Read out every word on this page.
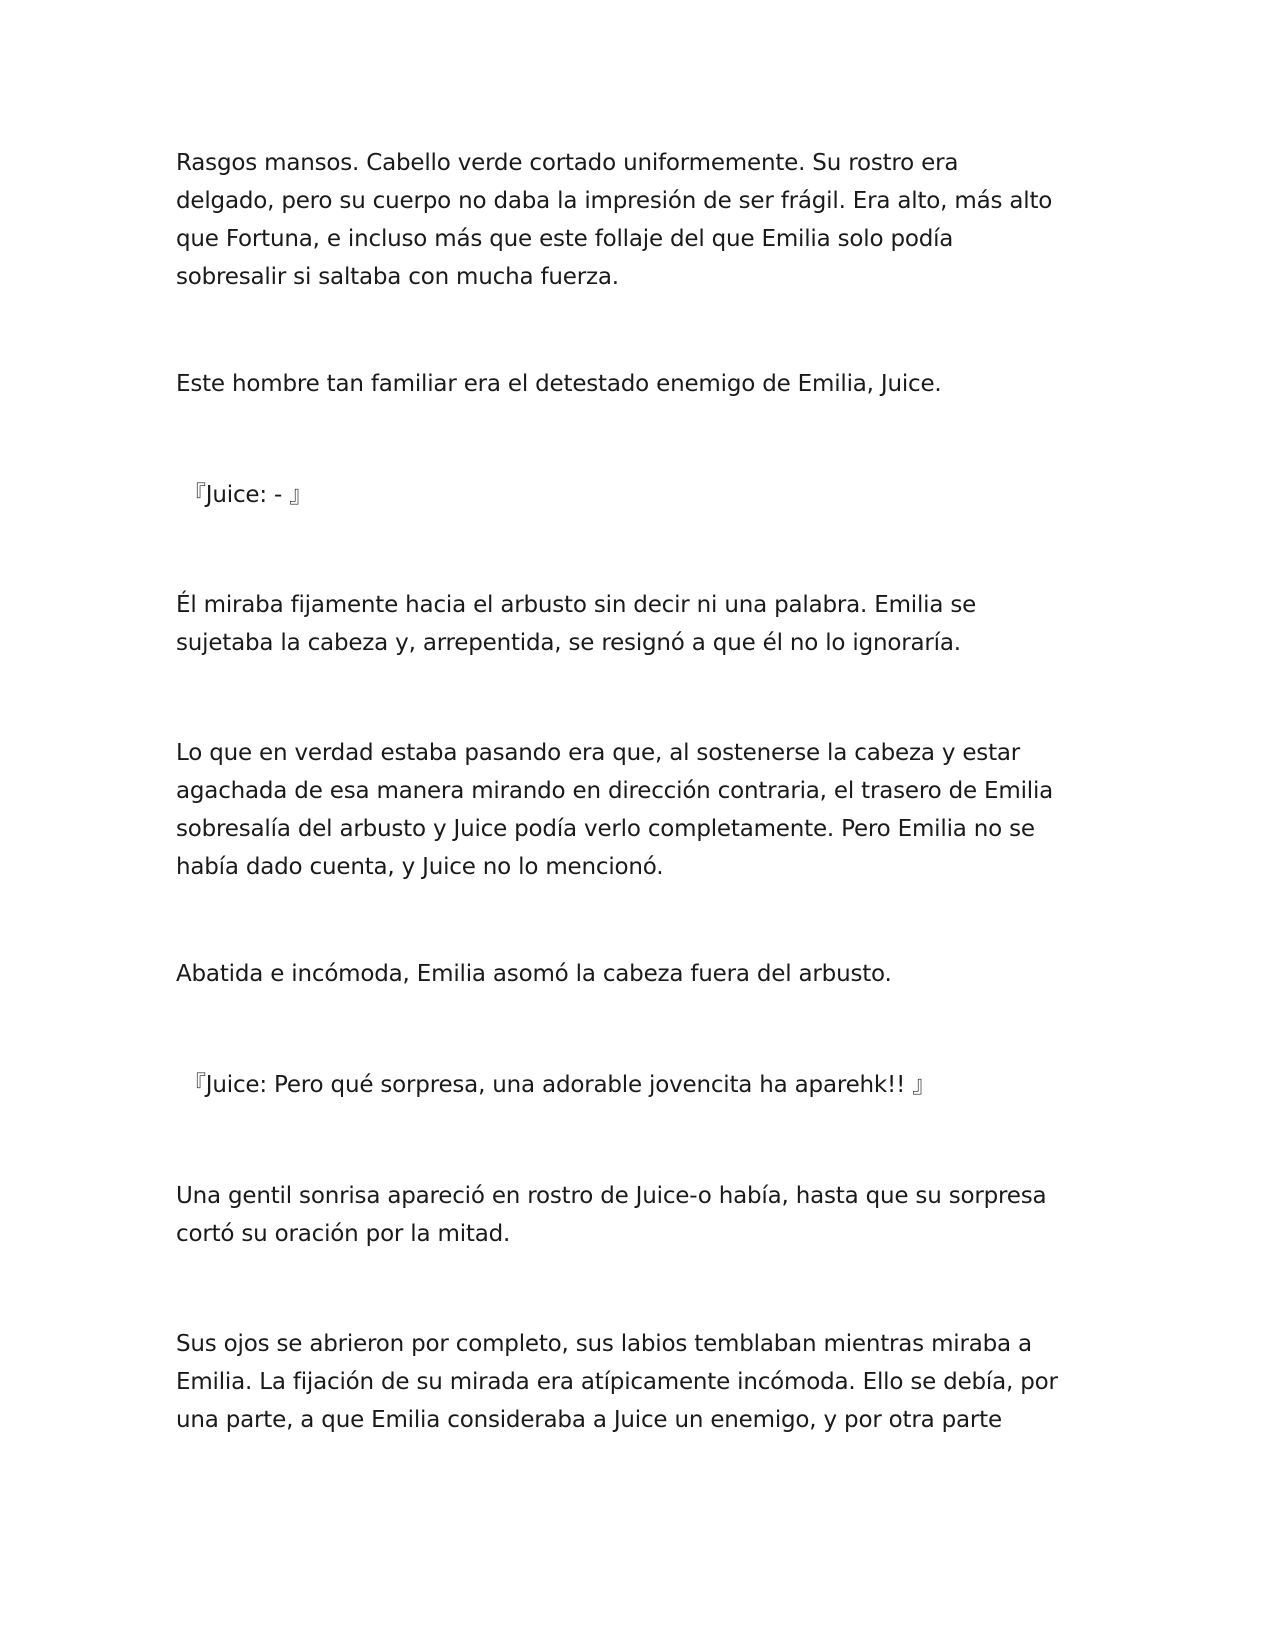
Rasgos mansos. Cabello verde cortado uniformemente. Su rostro era
delgado, pero su cuerpo no daba la impresión de ser frágil. Era alto, más alto
que Fortuna, e incluso más que este follaje del que Emilia solo podía
sobresalir si saltaba con mucha fuerza.

Este hombre tan familiar era el detestado enemigo de Emilia, Juice.

『Juice: - 』

Él miraba fijamente hacia el arbusto sin decir ni una palabra. Emilia se
sujetaba la cabeza y, arrepentida, se resignó a que él no lo ignoraría.

Lo que en verdad estaba pasando era que, al sostenerse la cabeza y estar
agachada de esa manera mirando en dirección contraria, el trasero de Emilia
sobresalía del arbusto y Juice podía verlo completamente. Pero Emilia no se
había dado cuenta, y Juice no lo mencionó.

Abatida e incómoda, Emilia asomó la cabeza fuera del arbusto.

『Juice: Pero qué sorpresa, una adorable jovencita ha aparehk!! 』

Una gentil sonrisa apareció en rostro de Juice-o había, hasta que su sorpresa
cortó su oración por la mitad.

Sus ojos se abrieron por completo, sus labios temblaban mientras miraba a
Emilia. La fijación de su mirada era atípicamente incómoda. Ello se debía, por
una parte, a que Emilia consideraba a Juice un enemigo, y por otra parte
